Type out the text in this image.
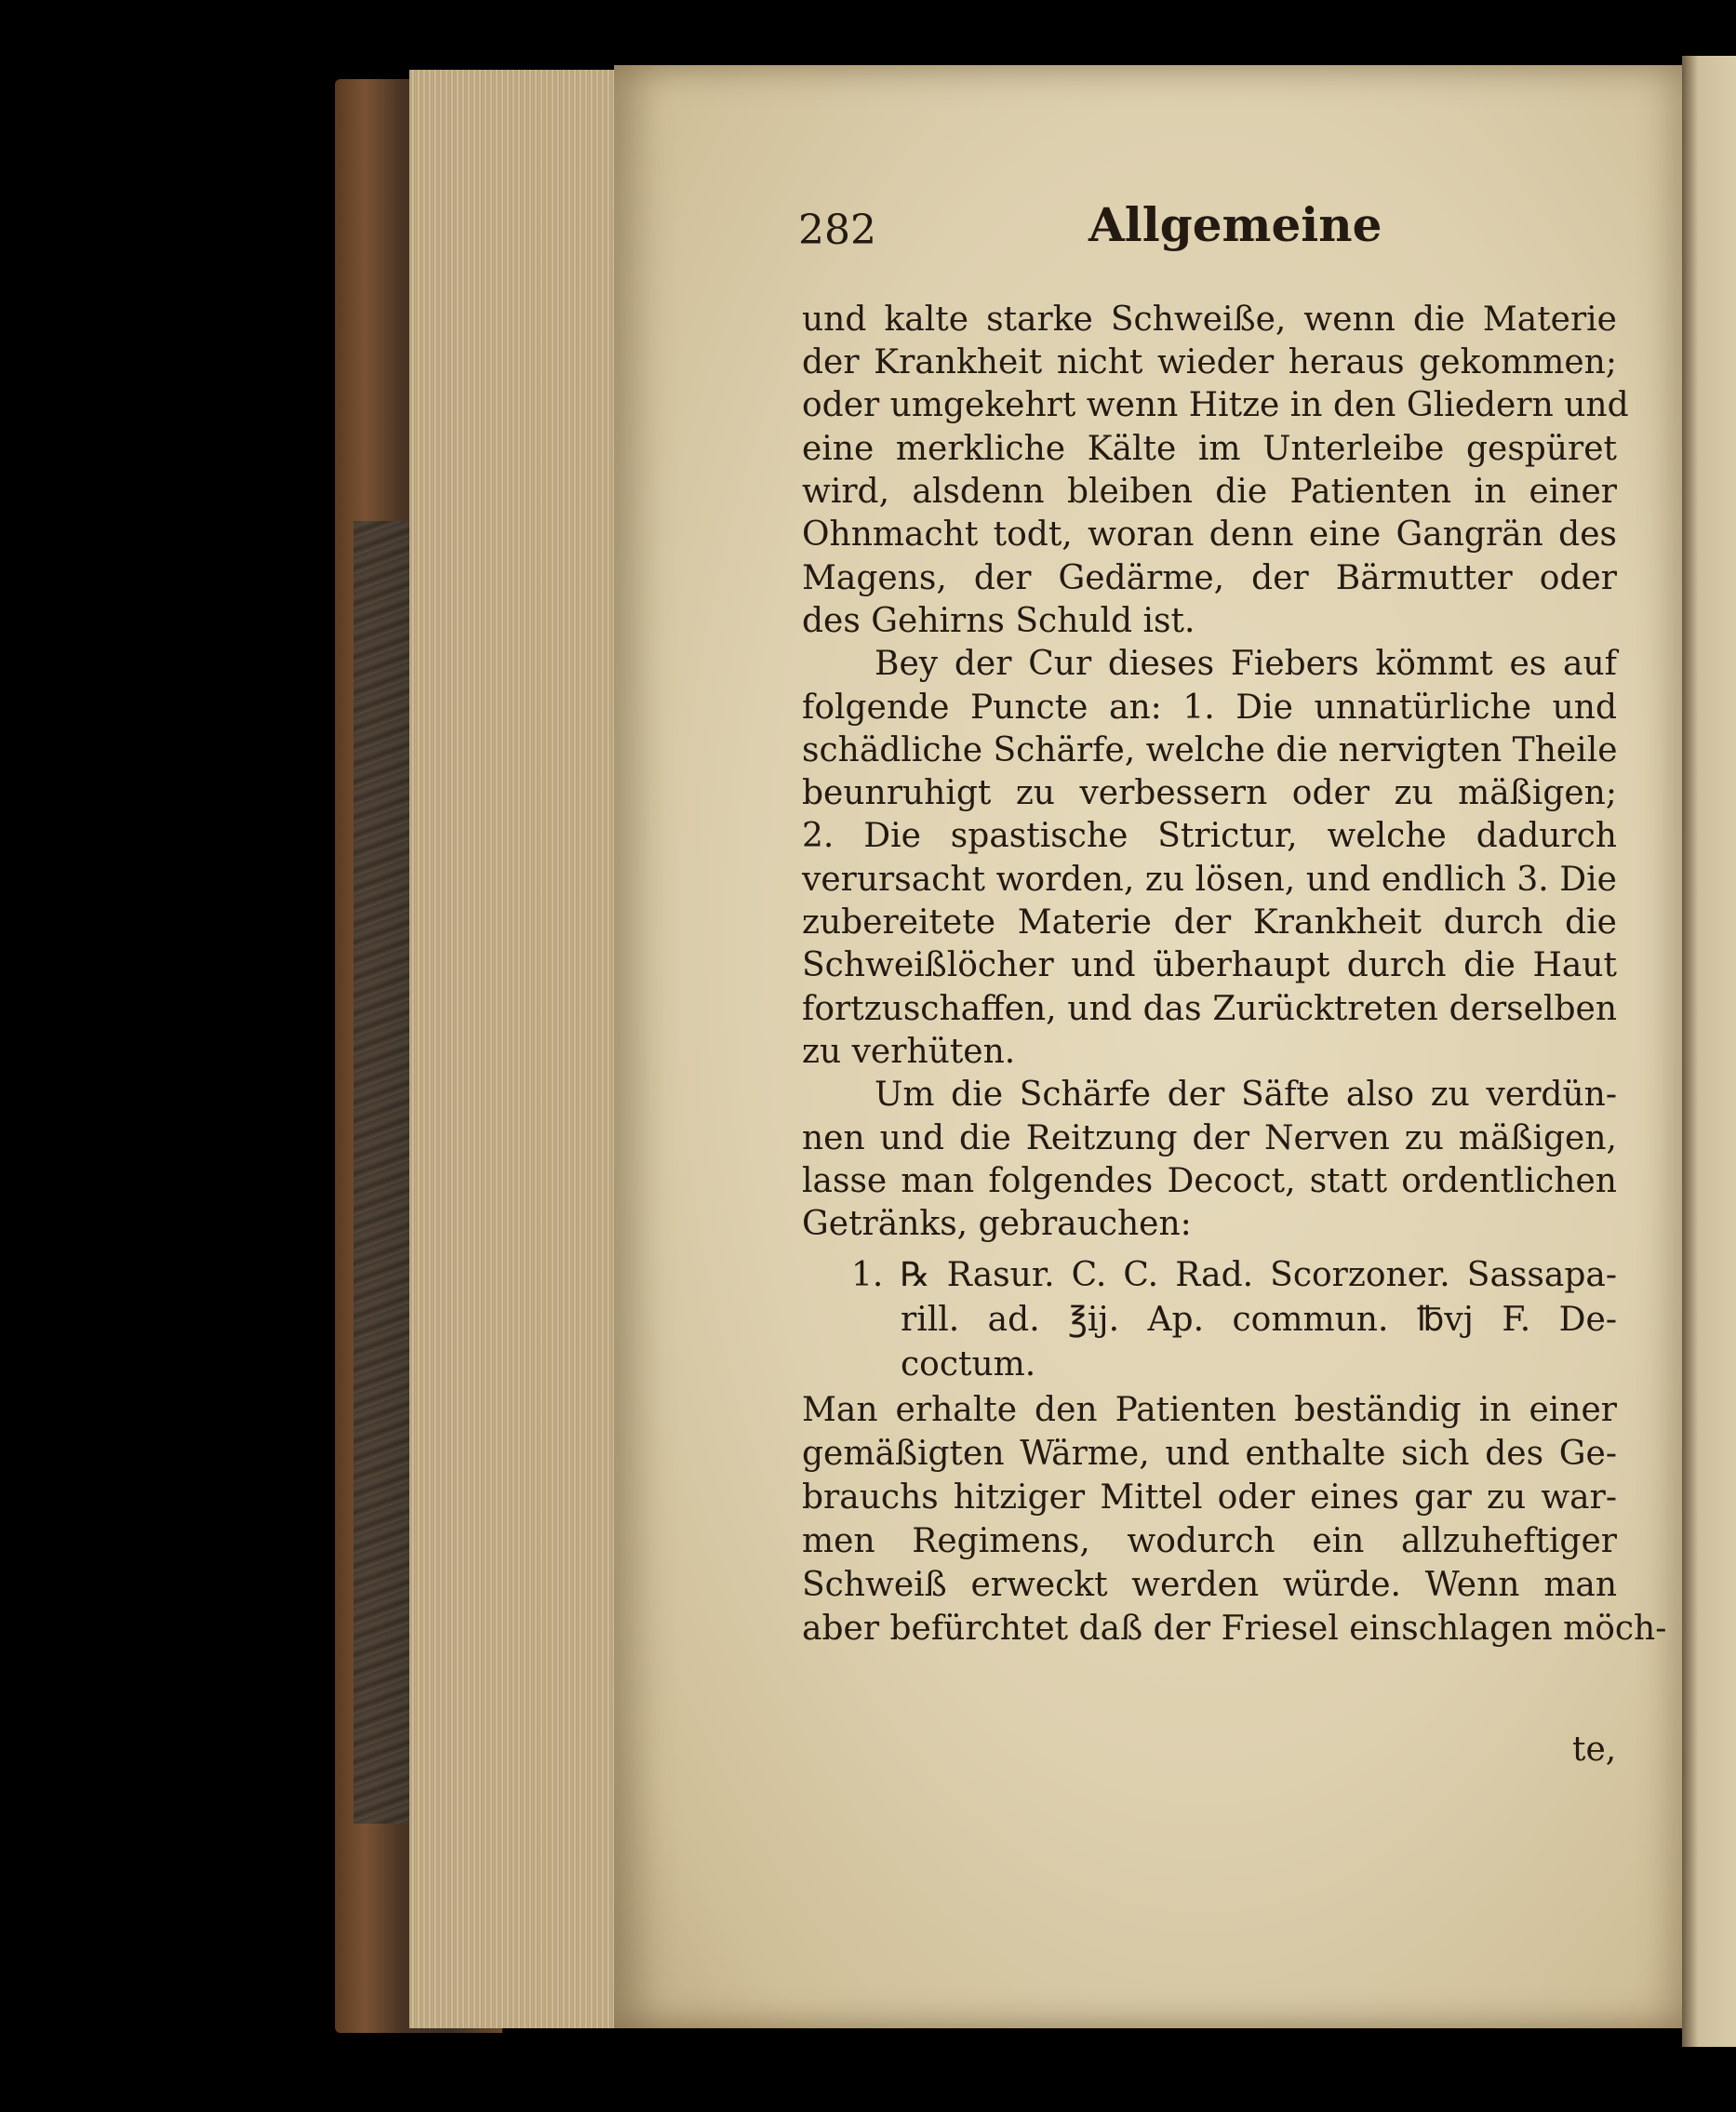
282	Allgemeine
und kalte starke Schweiße, wenn die Materie
der Krankheit nicht wieder heraus gekommen;
oder umgekehrt wenn Hitze in den Gliedern und
eine merkliche Kälte im Unterleibe gespüret
wird, alsdenn bleiben die Patienten in einer
Ohnmacht todt, woran denn eine Gangrän des
Magens, der Gedärme, der Bärmutter oder
des Gehirns Schuld ist.
Bey der Cur dieses Fiebers kömmt es auf
folgende Puncte an: 1. Die unnatürliche und
schädliche Schärfe, welche die nervigten Theile
beunruhigt zu verbessern oder zu mäßigen;
2. Die spastische Strictur, welche dadurch
verursacht worden, zu lösen, und endlich 3. Die
zubereitete Materie der Krankheit durch die
Schweißlöcher und überhaupt durch die Haut
fortzuschaffen, und das Zurücktreten derselben
zu verhüten.
Um die Schärfe der Säfte also zu verdün-
nen und die Reitzung der Nerven zu mäßigen,
lasse man folgendes Decoct, statt ordentlichen
Getränks, gebrauchen:
1. ℞ Rasur. C. C. Rad. Scorzoner. Sassapa-
rill. ad. ℥ij. Ap. commun. ℔vj F. De-
coctum.
Man erhalte den Patienten beständig in einer
gemäßigten Wärme, und enthalte sich des Ge-
brauchs hitziger Mittel oder eines gar zu war-
men Regimens, wodurch ein allzuheftiger
Schweiß erweckt werden würde. Wenn man
aber befürchtet daß der Friesel einschlagen möch-
te,
